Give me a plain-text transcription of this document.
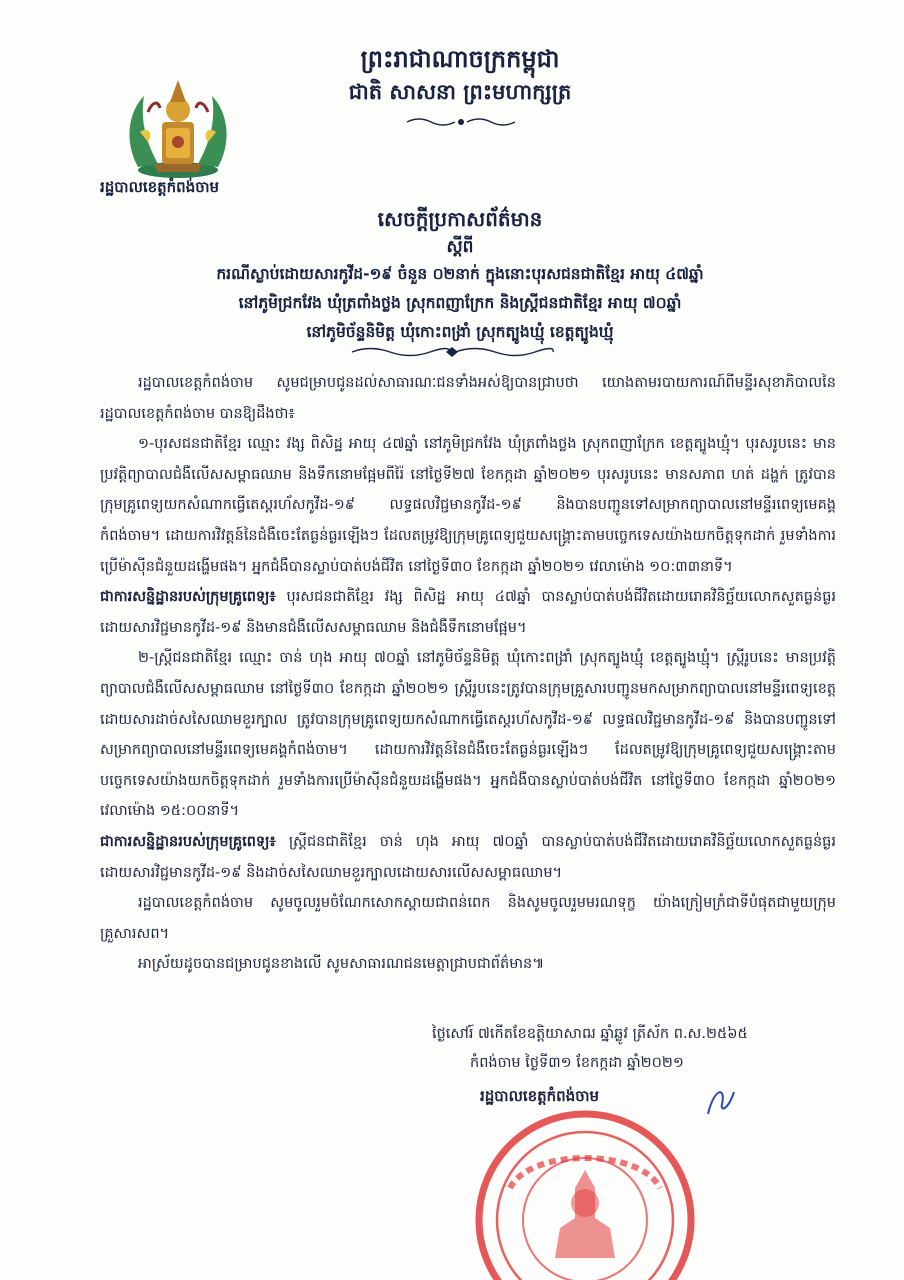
រដ្ឋបាលខេត្តកំពង់ចាម
ព្រះរាជាណាចក្រកម្ពុជា
ជាតិ សាសនា ព្រះមហាក្សត្រ
សេចក្តីប្រកាសព័ត៌មាន
ស្តីពី
ករណីស្លាប់ដោយសារកូវីដ-១៩ ចំនួន ០២នាក់ ក្នុងនោះបុរសជនជាតិខ្មែរ អាយុ ៤៧ឆ្នាំ
នៅភូមិជ្រកវែង ឃុំត្រពាំងថ្លង ស្រុកពញាក្រែក និងស្ត្រីជនជាតិខ្មែរ អាយុ ៧០ឆ្នាំ
នៅភូមិច័ន្ទនិមិត្ត ឃុំកោះពង្រាំ ស្រុកត្បូងឃ្មុំ ខេត្តត្បូងឃ្មុំ

រដ្ឋបាលខេត្តកំពង់ចាម សូមជម្រាបជូនដល់សាធារណៈជនទាំងអស់ឱ្យបានជ្រាបថា យោងតាមរបាយការណ៍ពីមន្ទីរសុខាភិបាលនៃរដ្ឋបាលខេត្តកំពង់ចាម បានឱ្យដឹងថា៖

១-បុរសជនជាតិខ្មែរ ឈ្មោះ វង្ស ពិសិដ្ឋ អាយុ ៤៧ឆ្នាំ នៅភូមិជ្រកវែង ឃុំត្រពាំងថ្លង ស្រុកពញាក្រែក ខេត្តត្បូងឃ្មុំ។ បុរសរូបនេះ មានប្រវត្តិព្យាបាលជំងឺលើសសម្ពាធឈាម និងទឹកនោមផ្អែមពីរ៉ៃ នៅថ្ងៃទី២៧ ខែកក្កដា ឆ្នាំ២០២១ បុរសរូបនេះ មានសភាព ហត់ ដង្ហក់ ត្រូវបានក្រុមគ្រូពេទ្យយកសំណាកធ្វើតេស្តរហ័សកូវីដ-១៩ លទ្ធផលវិជ្ជមានកូវីដ-១៩ និងបានបញ្ជូនទៅសម្រាកព្យាបាលនៅមន្ទីរពេទ្យមេគង្គកំពង់ចាម។ ដោយការវិវត្តន៍នៃជំងឺចេះតែធ្ងន់ធ្ងរឡើងៗ ដែលតម្រូវឱ្យក្រុមគ្រូពេទ្យជួយសង្គ្រោះតាមបច្ចេកទេសយ៉ាងយកចិត្តទុកដាក់ រួមទាំងការប្រើម៉ាស៊ីនជំនួយដង្ហើមផង។ អ្នកជំងឺបានស្លាប់បាត់បង់ជីវិត នៅថ្ងៃទី៣០ ខែកក្កដា ឆ្នាំ២០២១ វេលាម៉ោង ១០:៣៣នាទី។

ជាការសន្និដ្ឋានរបស់ក្រុមគ្រូពេទ្យ៖ បុរសជនជាតិខ្មែរ វង្ស ពិសិដ្ឋ អាយុ ៤៧ឆ្នាំ បានស្លាប់បាត់បង់ជីវិតដោយរោគវិនិច្ឆ័យលោកសួតធ្ងន់ធ្ងរ ដោយសារវិជ្ជមានកូវីដ-១៩ និងមានជំងឺលើសសម្ពាធឈាម និងជំងឺទឹកនោមផ្អែម។

២-ស្ត្រីជនជាតិខ្មែរ ឈ្មោះ ចាន់ ហុង អាយុ ៧០ឆ្នាំ នៅភូមិច័ន្ទនិមិត្ត ឃុំកោះពង្រាំ ស្រុកត្បូងឃ្មុំ ខេត្តត្បូងឃ្មុំ។ ស្ត្រីរូបនេះ មានប្រវត្តិព្យាបាលជំងឺលើសសម្ពាធឈាម នៅថ្ងៃទី៣០ ខែកក្កដា ឆ្នាំ២០២១ ស្ត្រីរូបនេះត្រូវបានក្រុមគ្រួសារបញ្ជូនមកសម្រាកព្យាបាលនៅមន្ទីរពេទ្យខេត្ត ដោយសារដាច់សសៃឈាមខួរក្បាល ត្រូវបានក្រុមគ្រូពេទ្យយកសំណាកធ្វើតេស្តរហ័សកូវីដ-១៩ លទ្ធផលវិជ្ជមានកូវីដ-១៩ និងបានបញ្ជូនទៅសម្រាកព្យាបាលនៅមន្ទីរពេទ្យមេគង្គកំពង់ចាម។ ដោយការវិវត្តន៍នៃជំងឺចេះតែធ្ងន់ធ្ងរឡើងៗ ដែលតម្រូវឱ្យក្រុមគ្រូពេទ្យជួយសង្គ្រោះតាមបច្ចេកទេសយ៉ាងយកចិត្តទុកដាក់ រួមទាំងការប្រើម៉ាស៊ីនជំនួយដង្ហើមផង។ អ្នកជំងឺបានស្លាប់បាត់បង់ជីវិត នៅថ្ងៃទី៣០ ខែកក្កដា ឆ្នាំ២០២១ វេលាម៉ោង ១៥:០០នាទី។

ជាការសន្និដ្ឋានរបស់ក្រុមគ្រូពេទ្យ៖ ស្ត្រីជនជាតិខ្មែរ ចាន់ ហុង អាយុ ៧០ឆ្នាំ បានស្លាប់បាត់បង់ជីវិតដោយរោគវិនិច្ឆ័យលោកសួតធ្ងន់ធ្ងរ ដោយសារវិជ្ជមានកូវីដ-១៩ និងដាច់សសៃឈាមខួរក្បាលដោយសារលើសសម្ពាធឈាម។

រដ្ឋបាលខេត្តកំពង់ចាម សូមចូលរួមចំណែកសោកស្តាយជាពន់ពេក និងសូមចូលរួមមរណទុក្ខ យ៉ាងក្រៀមក្រំជាទីបំផុតជាមួយក្រុមគ្រួសារសព។

អាស្រ័យដូចបានជម្រាបជូនខាងលើ សូមសាធារណជនមេត្តាជ្រាបជាព័ត៌មាន៕

ថ្ងៃសៅរ៍ ៧កើតខែឧត្តិយាសាឍ ឆ្នាំឆ្លូវ ត្រីស័ក ព.ស.២៥៦៥
កំពង់ចាម ថ្ងៃទី៣១ ខែកក្កដា ឆ្នាំ២០២១
រដ្ឋបាលខេត្តកំពង់ចាម
